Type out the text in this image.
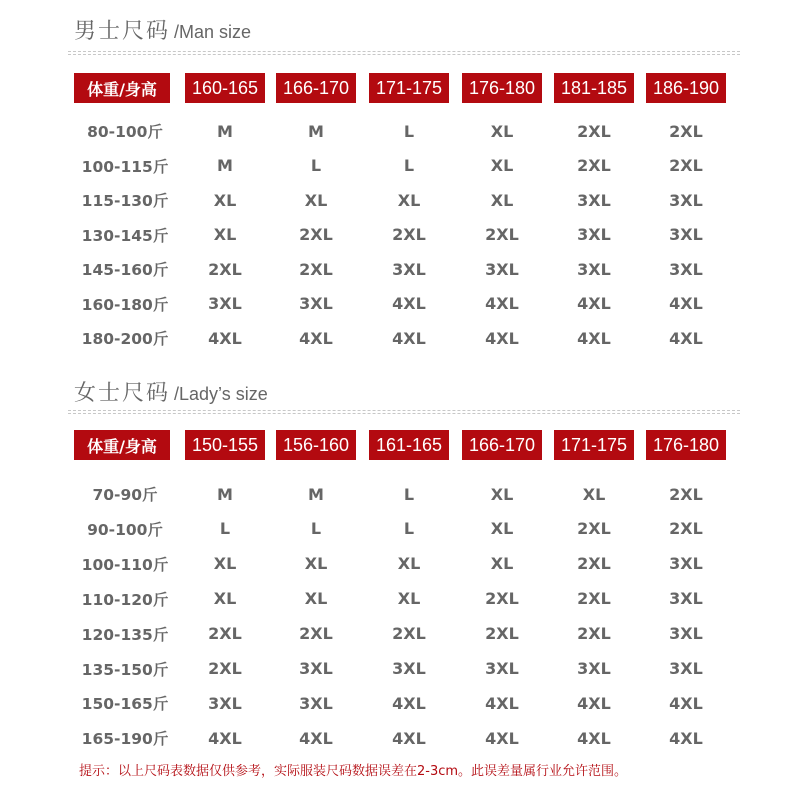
男士尺码 /Man size
体重/身高	160-165	166-170	171-175	176-180	181-185	186-190
80-100斤	M	M	L	XL	2XL	2XL
100-115斤	M	L	L	XL	2XL	2XL
115-130斤	XL	XL	XL	XL	3XL	3XL
130-145斤	XL	2XL	2XL	2XL	3XL	3XL
145-160斤	2XL	2XL	3XL	3XL	3XL	3XL
160-180斤	3XL	3XL	4XL	4XL	4XL	4XL
180-200斤	4XL	4XL	4XL	4XL	4XL	4XL
女士尺码 /Lady’s size
体重/身高	150-155	156-160	161-165	166-170	171-175	176-180
70-90斤	M	M	L	XL	XL	2XL
90-100斤	L	L	L	XL	2XL	2XL
100-110斤	XL	XL	XL	XL	2XL	3XL
110-120斤	XL	XL	XL	2XL	2XL	3XL
120-135斤	2XL	2XL	2XL	2XL	2XL	3XL
135-150斤	2XL	3XL	3XL	3XL	3XL	3XL
150-165斤	3XL	3XL	4XL	4XL	4XL	4XL
165-190斤	4XL	4XL	4XL	4XL	4XL	4XL
提示：以上尺码表数据仅供参考，实际服装尺码数据误差在2-3cm。此误差量属行业允许范围。
